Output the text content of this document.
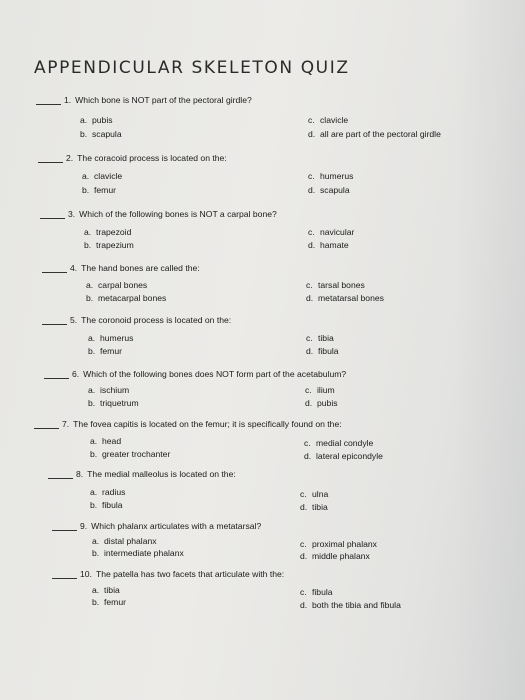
APPENDICULAR SKELETON QUIZ
1. Which bone is NOT part of the pectoral girdle?
a. pubis
b. scapula
c. clavicle
d. all are part of the pectoral girdle
2. The coracoid process is located on the:
a. clavicle
b. femur
c. humerus
d. scapula
3. Which of the following bones is NOT a carpal bone?
a. trapezoid
b. trapezium
c. navicular
d. hamate
4. The hand bones are called the:
a. carpal bones
b. metacarpal bones
c. tarsal bones
d. metatarsal bones
5. The coronoid process is located on the:
a. humerus
b. femur
c. tibia
d. fibula
6. Which of the following bones does NOT form part of the acetabulum?
a. ischium
b. triquetrum
c. ilium
d. pubis
7. The fovea capitis is located on the femur; it is specifically found on the:
a. head
b. greater trochanter
c. medial condyle
d. lateral epicondyle
8. The medial malleolus is located on the:
a. radius
b. fibula
c. ulna
d. tibia
9. Which phalanx articulates with a metatarsal?
a. distal phalanx
b. intermediate phalanx
c. proximal phalanx
d. middle phalanx
10. The patella has two facets that articulate with the:
a. tibia
b. femur
c. fibula
d. both the tibia and fibula
